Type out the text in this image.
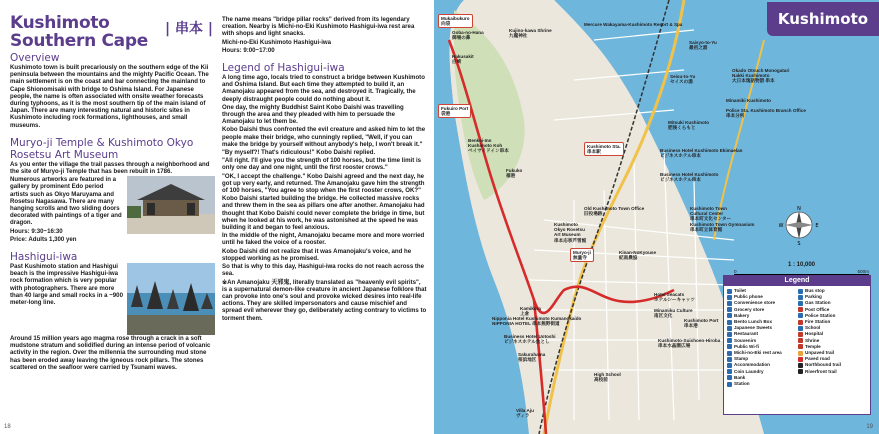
Kushimoto
Southern Cape
| 串本 |
Overview

Kushimoto town is built precariously on the southern edge of the Kii peninsula between the mountains and the mighty Pacific Ocean. The main settlement is on the coast and bar connecting the mainland to Cape Shionomisaki with bridge to Oshima Island. For Japanese people, the name is often associated with onsite weather forecasts during typhoons, as it is the most southern tip of the main island of Japan. There are many interesting natural and historic sites in Kushimoto including rock formations, lighthouses, and small museums.

Muryo-ji Temple & Kushimoto Okyo Rosetsu Art Museum

As you enter the village the trail passes through a neighborhood and the site of Muryo-ji Temple that has been rebuilt in 1786.

Numerous artworks are featured in a gallery by prominent Edo period artists such as Okyo Maruyama and Rosetsu Nagasawa. There are many hanging scrolls and two sliding doors decorated with paintings of a tiger and dragon.

Hours: 9:30~16:30

Price: Adults 1,300 yen

Hashigui-iwa

Past Kushimoto station and Hashigui beach is the impressive Hashigui-iwa rock formation which is very popular with photographers. There are more than 40 large and small rocks in a ~900 meter-long line.

Around 15 million years ago magma rose through a crack in a soft mudstone stratum and solidified during an intense period of volcanic activity in the region. Over the millennia the surrounding mud stone has been eroded away leaving the igneous rock pillars. The stones scattered on the seafloor were carried by Tsunami waves.

The name means "bridge pillar rocks" derived from its legendary creation. Nearby is Michi-no-Eki Kushimoto Hashigui-iwa rest area with shops and light snacks.

Michi-no-Eki Kushimoto Hashigui-iwa

Hours: 9:00~17:00

Legend of Hashigui-iwa

A long time ago, locals tried to construct a bridge between Kushimoto and Oshima Island. But each time they attempted to build it, an Amanojaku appeared from the sea, and destroyed it. Tragically, the deeply distraught people could do nothing about it.

One day, the mighty Buddhist Saint Kobo Daishi was travelling through the area and they pleaded with him to persuade the Amanojaku to let them be.

Kobo Daishi thus confronted the evil creature and asked him to let the people make their bridge, who cunningly replied, "Well, if you can make the bridge by yourself without anybody's help, I won't break it."

"By myself?! That's ridiculous!" Kobo Daishi replied.

"All right. I'll give you the strength of 100 horses, but the time limit is only one day and one night, until the first rooster crows."

"OK, I accept the challenge." Kobo Daishi agreed and the next day, he got up very early, and returned. The Amanojaku gave him the strength of 100 horses, "You agree to stop when the first rooster crows, OK?"

Kobo Daishi started building the bridge. He collected massive rocks and threw them in the sea as pillars one after another. Amanojaku had thought that Kobo Daishi could never complete the bridge in time, but when he looked at his work, he was astonished at the speed he was building it and began to feel anxious.

In the middle of the night, Amanojaku became more and more worried until he faked the voice of a rooster.

Kobo Daishi did not realize that it was Amanojaku's voice, and he stopped working as he promised.

So that is why to this day, Hashigui-iwa rocks do not reach across the sea.

※An Amanojaku 天邪鬼, literally translated as "heavenly evil spirits", is a supernatural demon-like creature in ancient Japanese folklore that can provoke into one's soul and provoke wicked desires into real-life actions. They are skilled impersonators and cause mischief and spread evil wherever they go, deliberately acting contrary to victims to torment them.

18
Kushimoto
Mukaibukuro
向袋
Goba-no-Hana
御場の鼻
Hakusakit
白崎
Kujino-kawa Shrine
九龍神社
Mercure Wakayama-Kushimoto Resort & Spa
Saisyo-to-Yu
最初之湯
Seisu-to-Yu
セイスの湯
Okado Otsuch Monogatari
Nakki Kushimoto
大日本逸話物語 串本
Minamiki Kushimoto
Police Sta. Kushimoto Branch Office
串本分所
Mitsuki Kushimoto
肥後くらもと
Fukuiro Port
袋港
Benkei-Inn
Kushimoto Koh
ベイサイドイン串本
Fukuko
福港
Kushimoto Sta.
串本駅	Business Hotel Kushimoto Ekimaelan
ビジネスホテル串本
Business Hotel Kushimoto
ビジネスホテル串本
Old Kushimoto Town Office
旧役場跡
Kushimoto Town
Cultural Center
串本町文化センター
Kushimoto Town Gymnasium
串本町立体育館
Kushimoto
Okyo Rosetsu
Art Museum
串本応挙芦雪館
Muryo-ji
無量寺
Kinan-NoKyouse
紀南農協
Kamikura
上倉
Nipponia Hotel Kushimoto Kumanokaido
NIPPONIA HOTEL 串本熊野街道
Business Hotel Uotoshi
ビジネスホテル魚とし
Hotel Seacats
ホテルシーキャッツ
Minamiku Culture
南区文化
Kushimoto Port
串本港
Sakurahama
桜浜地区
Kushimoto-Suishoen-Hiroba
串本水晶園広場
High School
高校前
Villa Aju
ヴィラ
N
S
E
W
1 : 10,000
0	500m
Legend
Toilet	Bus stop
Public phone	Parking
Convenience store	Gas Station
Grocery store	Post Office
Bakery	Police Station
Bento Lunch Box	Fire Station
Japanese Sweets	School
Restaurant	Hospital
Souvenirs	Shrine
Public Wi-fi	Temple
Michi-no-Eki rest area	Unpaved trail
Stamp	Paved road
Accommodation	Northbound trail
Coin Laundry	Riverfront trail
Bank
Station
19
